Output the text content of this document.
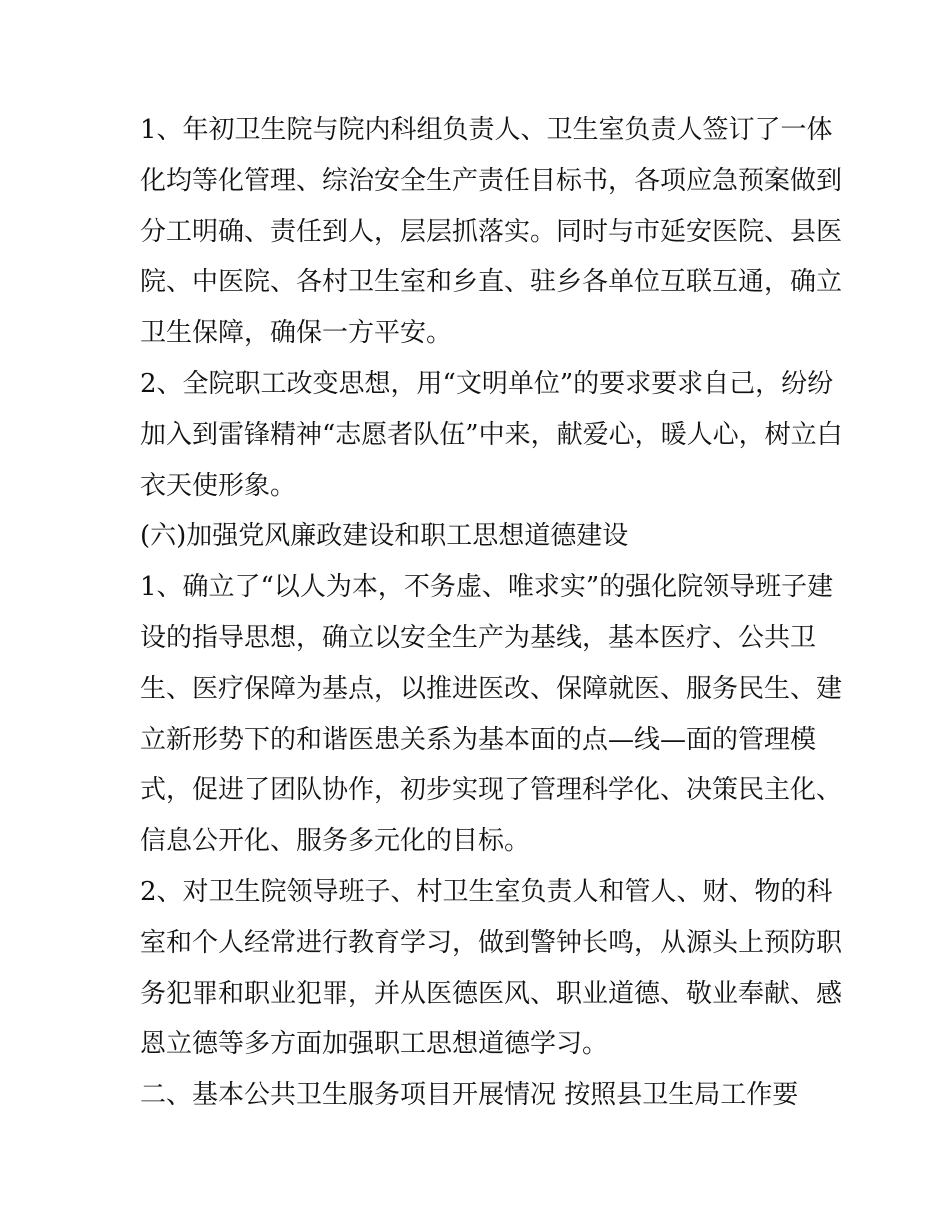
1、年初卫生院与院内科组负责人、卫生室负责人签订了一体
化均等化管理、综治安全生产责任目标书，各项应急预案做到
分工明确、责任到人，层层抓落实。同时与市延安医院、县医
院、中医院、各村卫生室和乡直、驻乡各单位互联互通，确立
卫生保障，确保一方平安。
2、全院职工改变思想，用“文明单位”的要求要求自己，纷纷
加入到雷锋精神“志愿者队伍”中来，献爱心，暖人心，树立白
衣天使形象。
(六)加强党风廉政建设和职工思想道德建设
1、确立了“以人为本，不务虚、唯求实”的强化院领导班子建
设的指导思想，确立以安全生产为基线，基本医疗、公共卫
生、医疗保障为基点，以推进医改、保障就医、服务民生、建
立新形势下的和谐医患关系为基本面的点—线—面的管理模
式，促进了团队协作，初步实现了管理科学化、决策民主化、
信息公开化、服务多元化的目标。
2、对卫生院领导班子、村卫生室负责人和管人、财、物的科
室和个人经常进行教育学习，做到警钟长鸣，从源头上预防职
务犯罪和职业犯罪，并从医德医风、职业道德、敬业奉献、感
恩立德等多方面加强职工思想道德学习。
二、基本公共卫生服务项目开展情况 按照县卫生局工作要
